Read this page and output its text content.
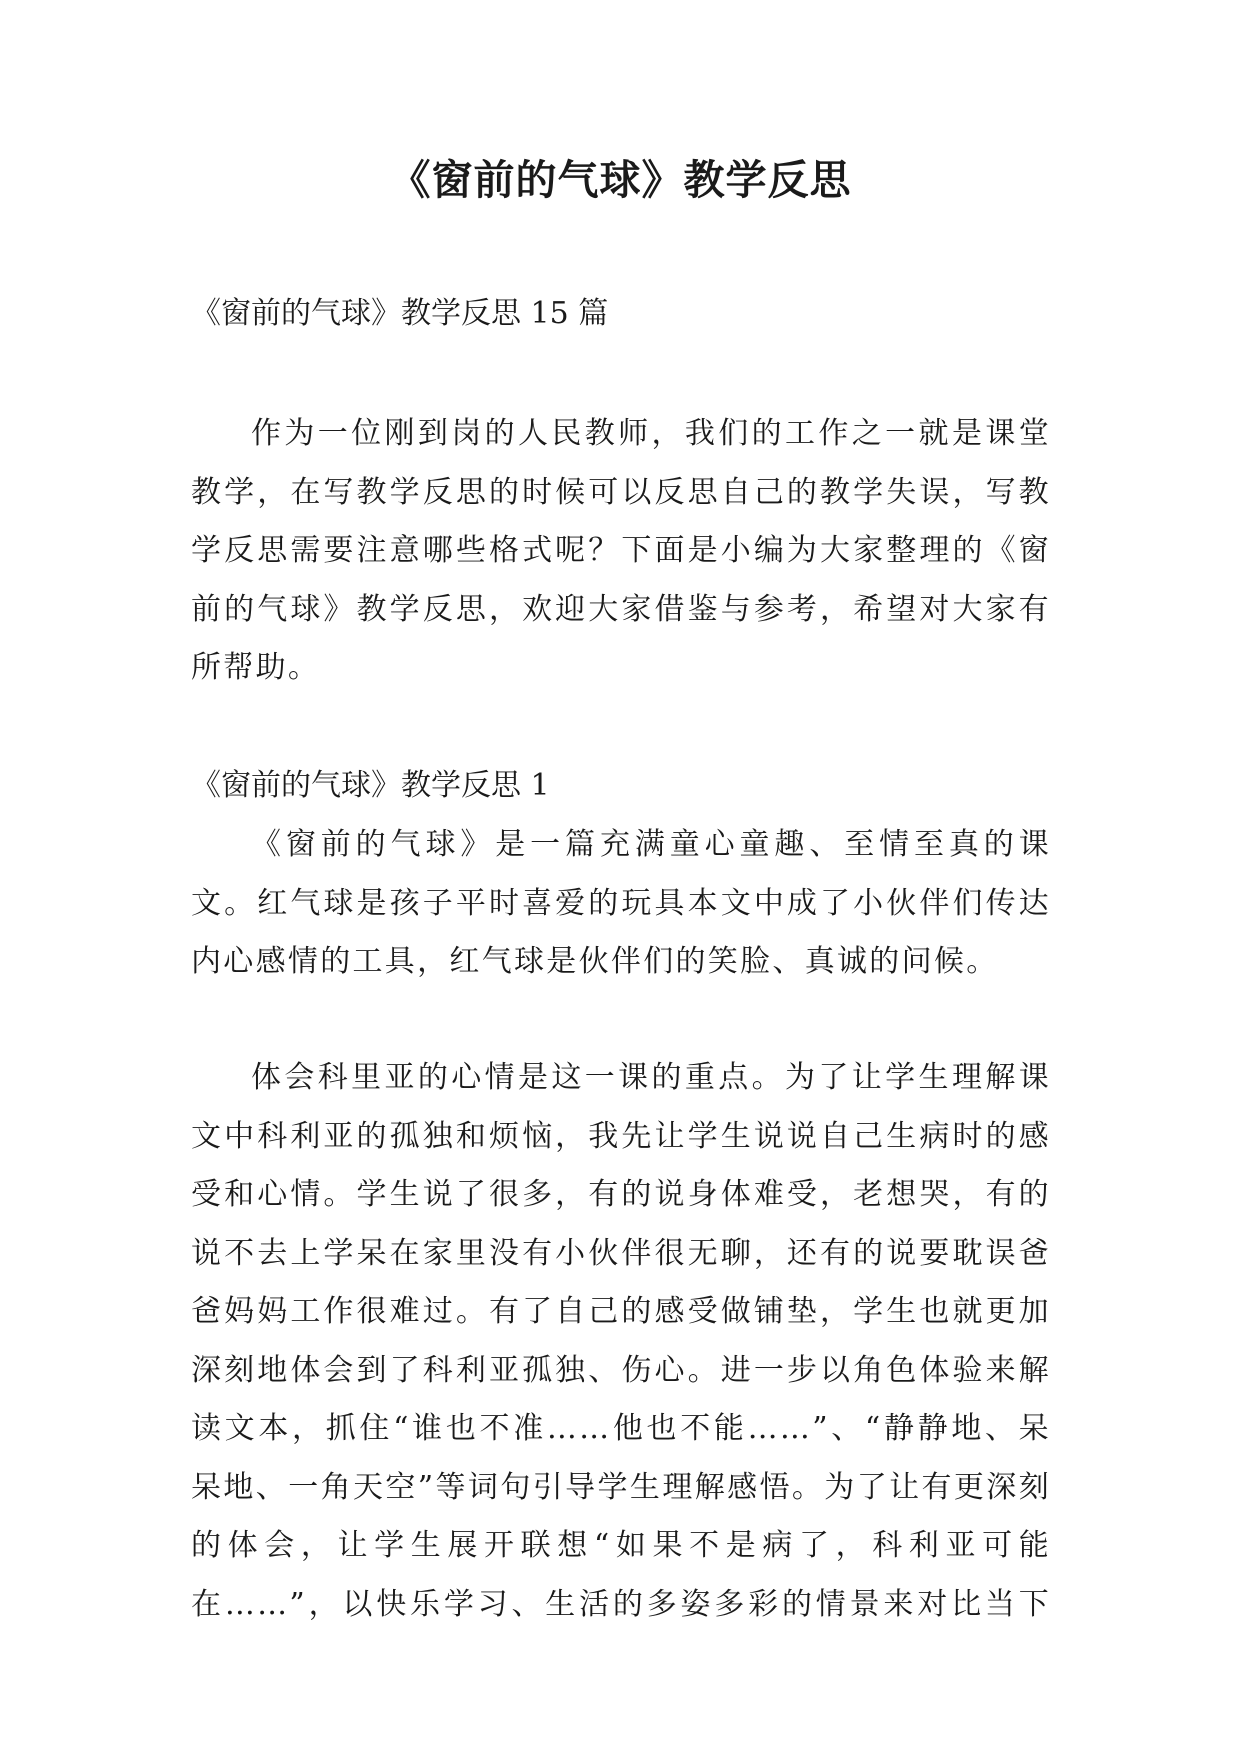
《窗前的气球》教学反思

《窗前的气球》教学反思 15 篇

作为一位刚到岗的人民教师，我们的工作之一就是课堂教学，在写教学反思的时候可以反思自己的教学失误，写教学反思需要注意哪些格式呢？下面是小编为大家整理的《窗前的气球》教学反思，欢迎大家借鉴与参考，希望对大家有所帮助。

《窗前的气球》教学反思 1

《窗前的气球》是一篇充满童心童趣、至情至真的课文。红气球是孩子平时喜爱的玩具本文中成了小伙伴们传达内心感情的工具，红气球是伙伴们的笑脸、真诚的问候。

体会科里亚的心情是这一课的重点。为了让学生理解课文中科利亚的孤独和烦恼，我先让学生说说自己生病时的感受和心情。学生说了很多，有的说身体难受，老想哭，有的说不去上学呆在家里没有小伙伴很无聊，还有的说要耽误爸爸妈妈工作很难过。有了自己的感受做铺垫，学生也就更加深刻地体会到了科利亚孤独、伤心。进一步以角色体验来解读文本，抓住“谁也不准……他也不能……”、“静静地、呆呆地、一角天空”等词句引导学生理解感悟。为了让有更深刻的体会，让学生展开联想“如果不是病了，科利亚可能在……”，以快乐学习、生活的多姿多彩的情景来对比当下
